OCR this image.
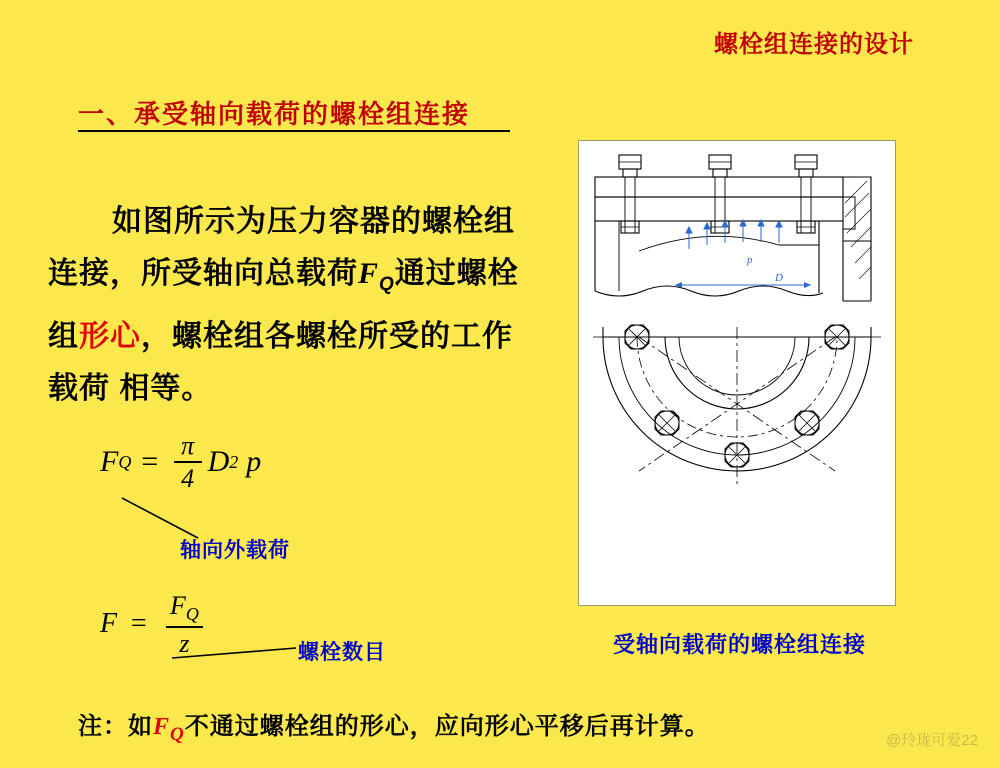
螺栓组连接的设计
一、承受轴向载荷的螺栓组连接
如图所示为压力容器的螺栓组
连接，所受轴向总载荷$F_Q$通过螺栓
组形心，螺栓组各螺栓所受的工作
载荷 相等。
F $Q = \frac{\pi}{4}$ D 2 p
轴向外载荷
$F = \frac{F_Q}{z}$	螺栓数目
p
D
受轴向载荷的螺栓组连接
注：如$F_Q$不通过螺栓组的形心，应向形心平移后再计算。
@玲珑可爱22
